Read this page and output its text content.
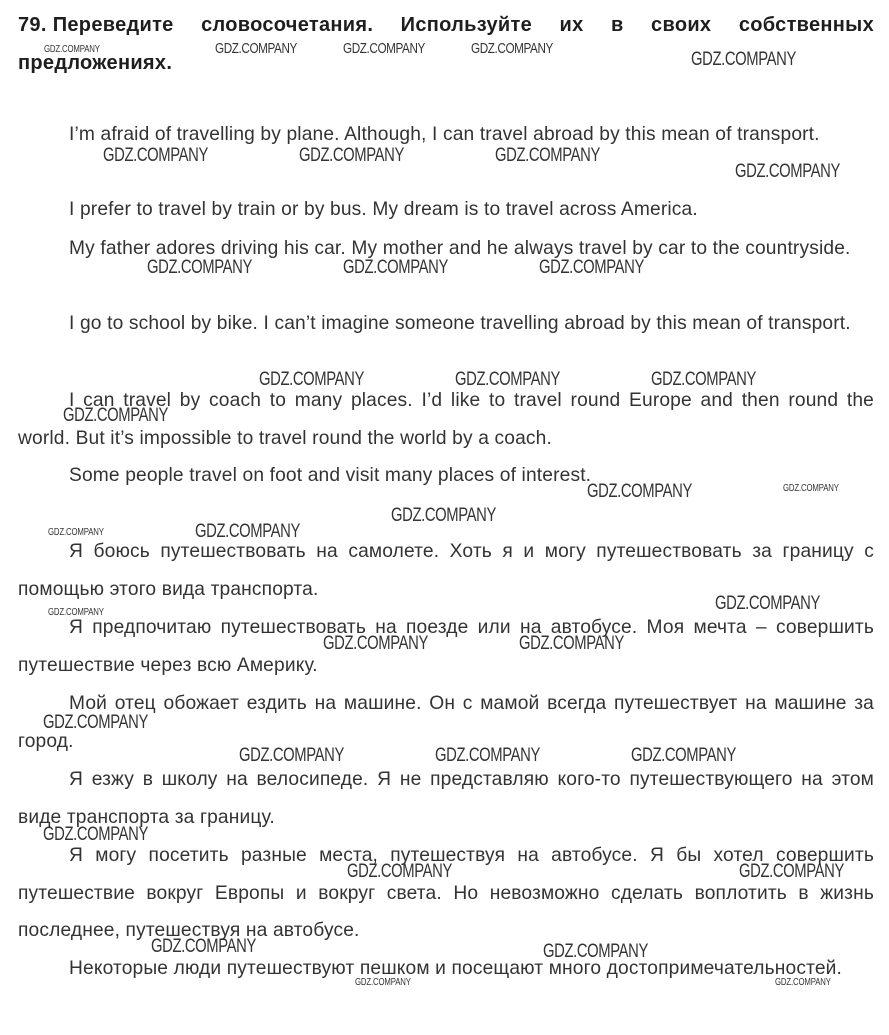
79. Переведите словосочетания. Используйте их в своих собственных предложениях.
I’m afraid of travelling by plane. Although, I can travel abroad by this mean of transport.
I prefer to travel by train or by bus. My dream is to travel across America.
My father adores driving his car. My mother and he always travel by car to the countryside.
I go to school by bike. I can’t imagine someone travelling abroad by this mean of transport.
I can travel by coach to many places. I’d like to travel round Europe and then round the world. But it’s impossible to travel round the world by a coach.
Some people travel on foot and visit many places of interest.
Я боюсь путешествовать на самолете. Хоть я и могу путешествовать за границу с помощью этого вида транспорта.
Я предпочитаю путешествовать на поезде или на автобусе. Моя мечта – совершить путешествие через всю Америку.
Мой отец обожает ездить на машине. Он с мамой всегда путешествует на машине за город.
Я езжу в школу на велосипеде. Я не представляю кого-то путешествующего на этом виде транспорта за границу.
Я могу посетить разные места, путешествуя на автобусе. Я бы хотел совершить путешествие вокруг Европы и вокруг света. Но невозможно сделать воплотить в жизнь последнее, путешествуя на автобусе.
Некоторые люди путешествуют пешком и посещают много достопримечательностей.
GDZ.COMPANY	GDZ.COMPANY	GDZ.COMPANY	GDZ.COMPANY
GDZ.COMPANY
GDZ.COMPANY	GDZ.COMPANY	GDZ.COMPANY
GDZ.COMPANY
GDZ.COMPANY	GDZ.COMPANY	GDZ.COMPANY
GDZ.COMPANY	GDZ.COMPANY	GDZ.COMPANY
GDZ.COMPANY
GDZ.COMPANY	GDZ.COMPANY
GDZ.COMPANY
GDZ.COMPANY	GDZ.COMPANY
GDZ.COMPANY
GDZ.COMPANY
GDZ.COMPANY	GDZ.COMPANY
GDZ.COMPANY
GDZ.COMPANY	GDZ.COMPANY	GDZ.COMPANY
GDZ.COMPANY
GDZ.COMPANY	GDZ.COMPANY
GDZ.COMPANY	GDZ.COMPANY
GDZ.COMPANY	GDZ.COMPANY
